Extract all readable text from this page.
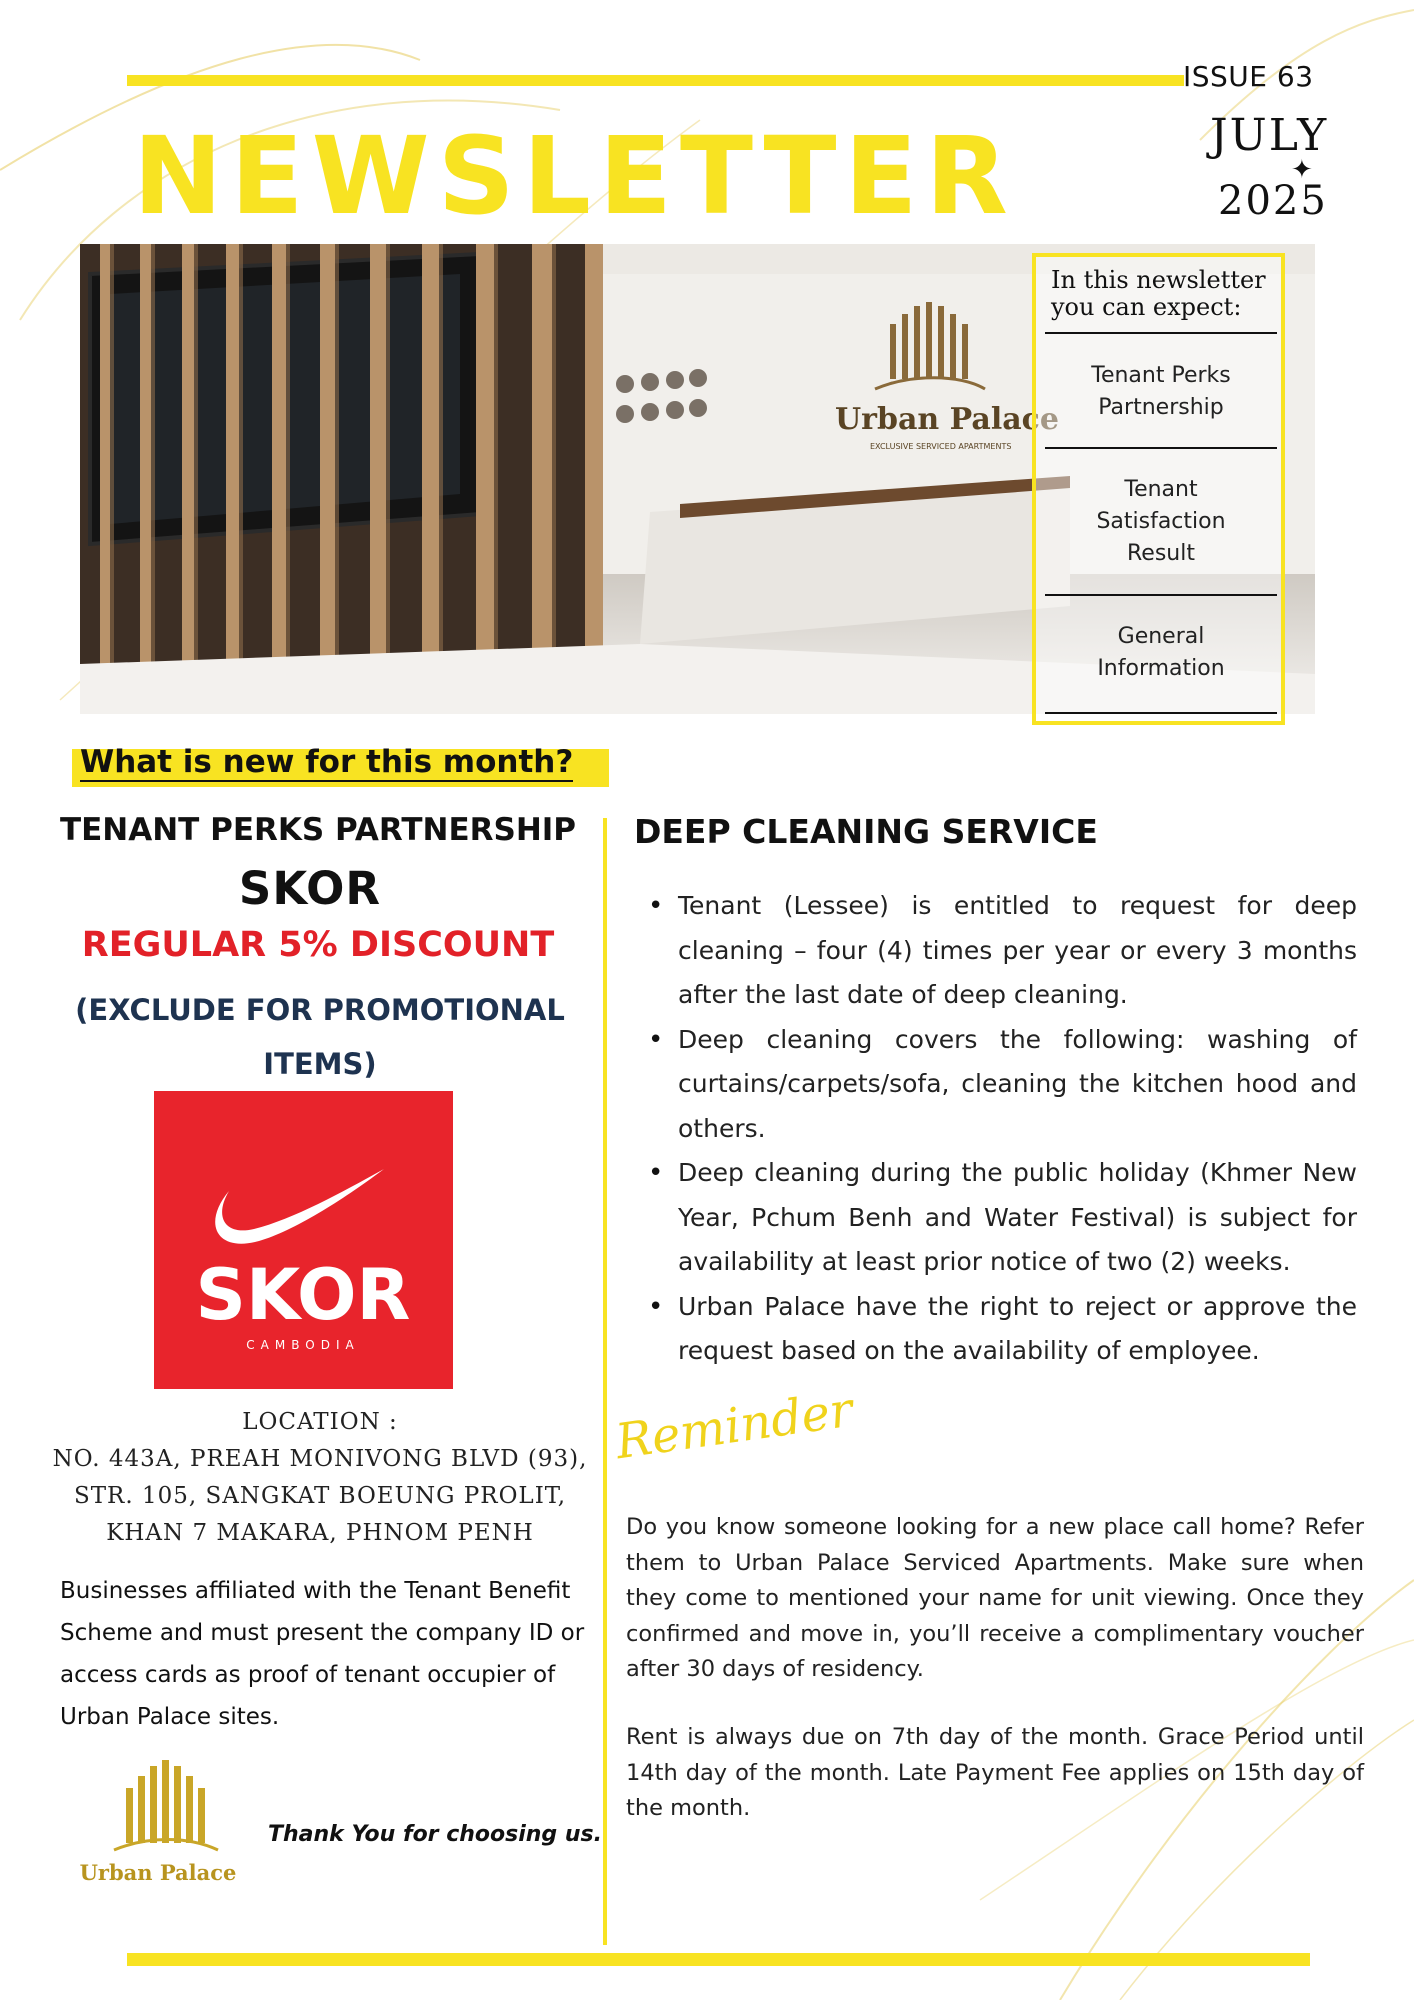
ISSUE 63
JULY
✦
2025
NEWSLETTER
Urban Palace
EXCLUSIVE SERVICED APARTMENTS
In this newsletter
you can expect:
Tenant Perks
Partnership
Tenant
Satisfaction
Result
General
Information
What is new for this month?
TENANT PERKS PARTNERSHIP
SKOR
REGULAR 5% DISCOUNT
(EXCLUDE FOR PROMOTIONAL
ITEMS)
SKOR
CAMBODIA
LOCATION :
NO. 443A, PREAH MONIVONG BLVD (93),
STR. 105, SANGKAT BOEUNG PROLIT,
KHAN 7 MAKARA, PHNOM PENH
Businesses affiliated with the Tenant Benefit
Scheme and must present the company ID or
access cards as proof of tenant occupier of
Urban Palace sites.
Urban Palace
Thank You for choosing us.
DEEP CLEANING SERVICE
• Tenant (Lessee) is entitled to request for deep cleaning – four (4) times per year or every 3 months after the last date of deep cleaning.
• Deep cleaning covers the following: washing of curtains/carpets/sofa, cleaning the kitchen hood and others.
• Deep cleaning during the public holiday (Khmer New Year, Pchum Benh and Water Festival) is subject for availability at least prior notice of two (2) weeks.
• Urban Palace have the right to reject or approve the request based on the availability of employee.
Reminder
Do you know someone looking for a new place call home? Refer them to Urban Palace Serviced Apartments. Make sure when they come to mentioned your name for unit viewing. Once they confirmed and move in, you’ll receive a complimentary voucher after 30 days of residency.
Rent is always due on 7th day of the month. Grace Period until 14th day of the month. Late Payment Fee applies on 15th day of the month.
